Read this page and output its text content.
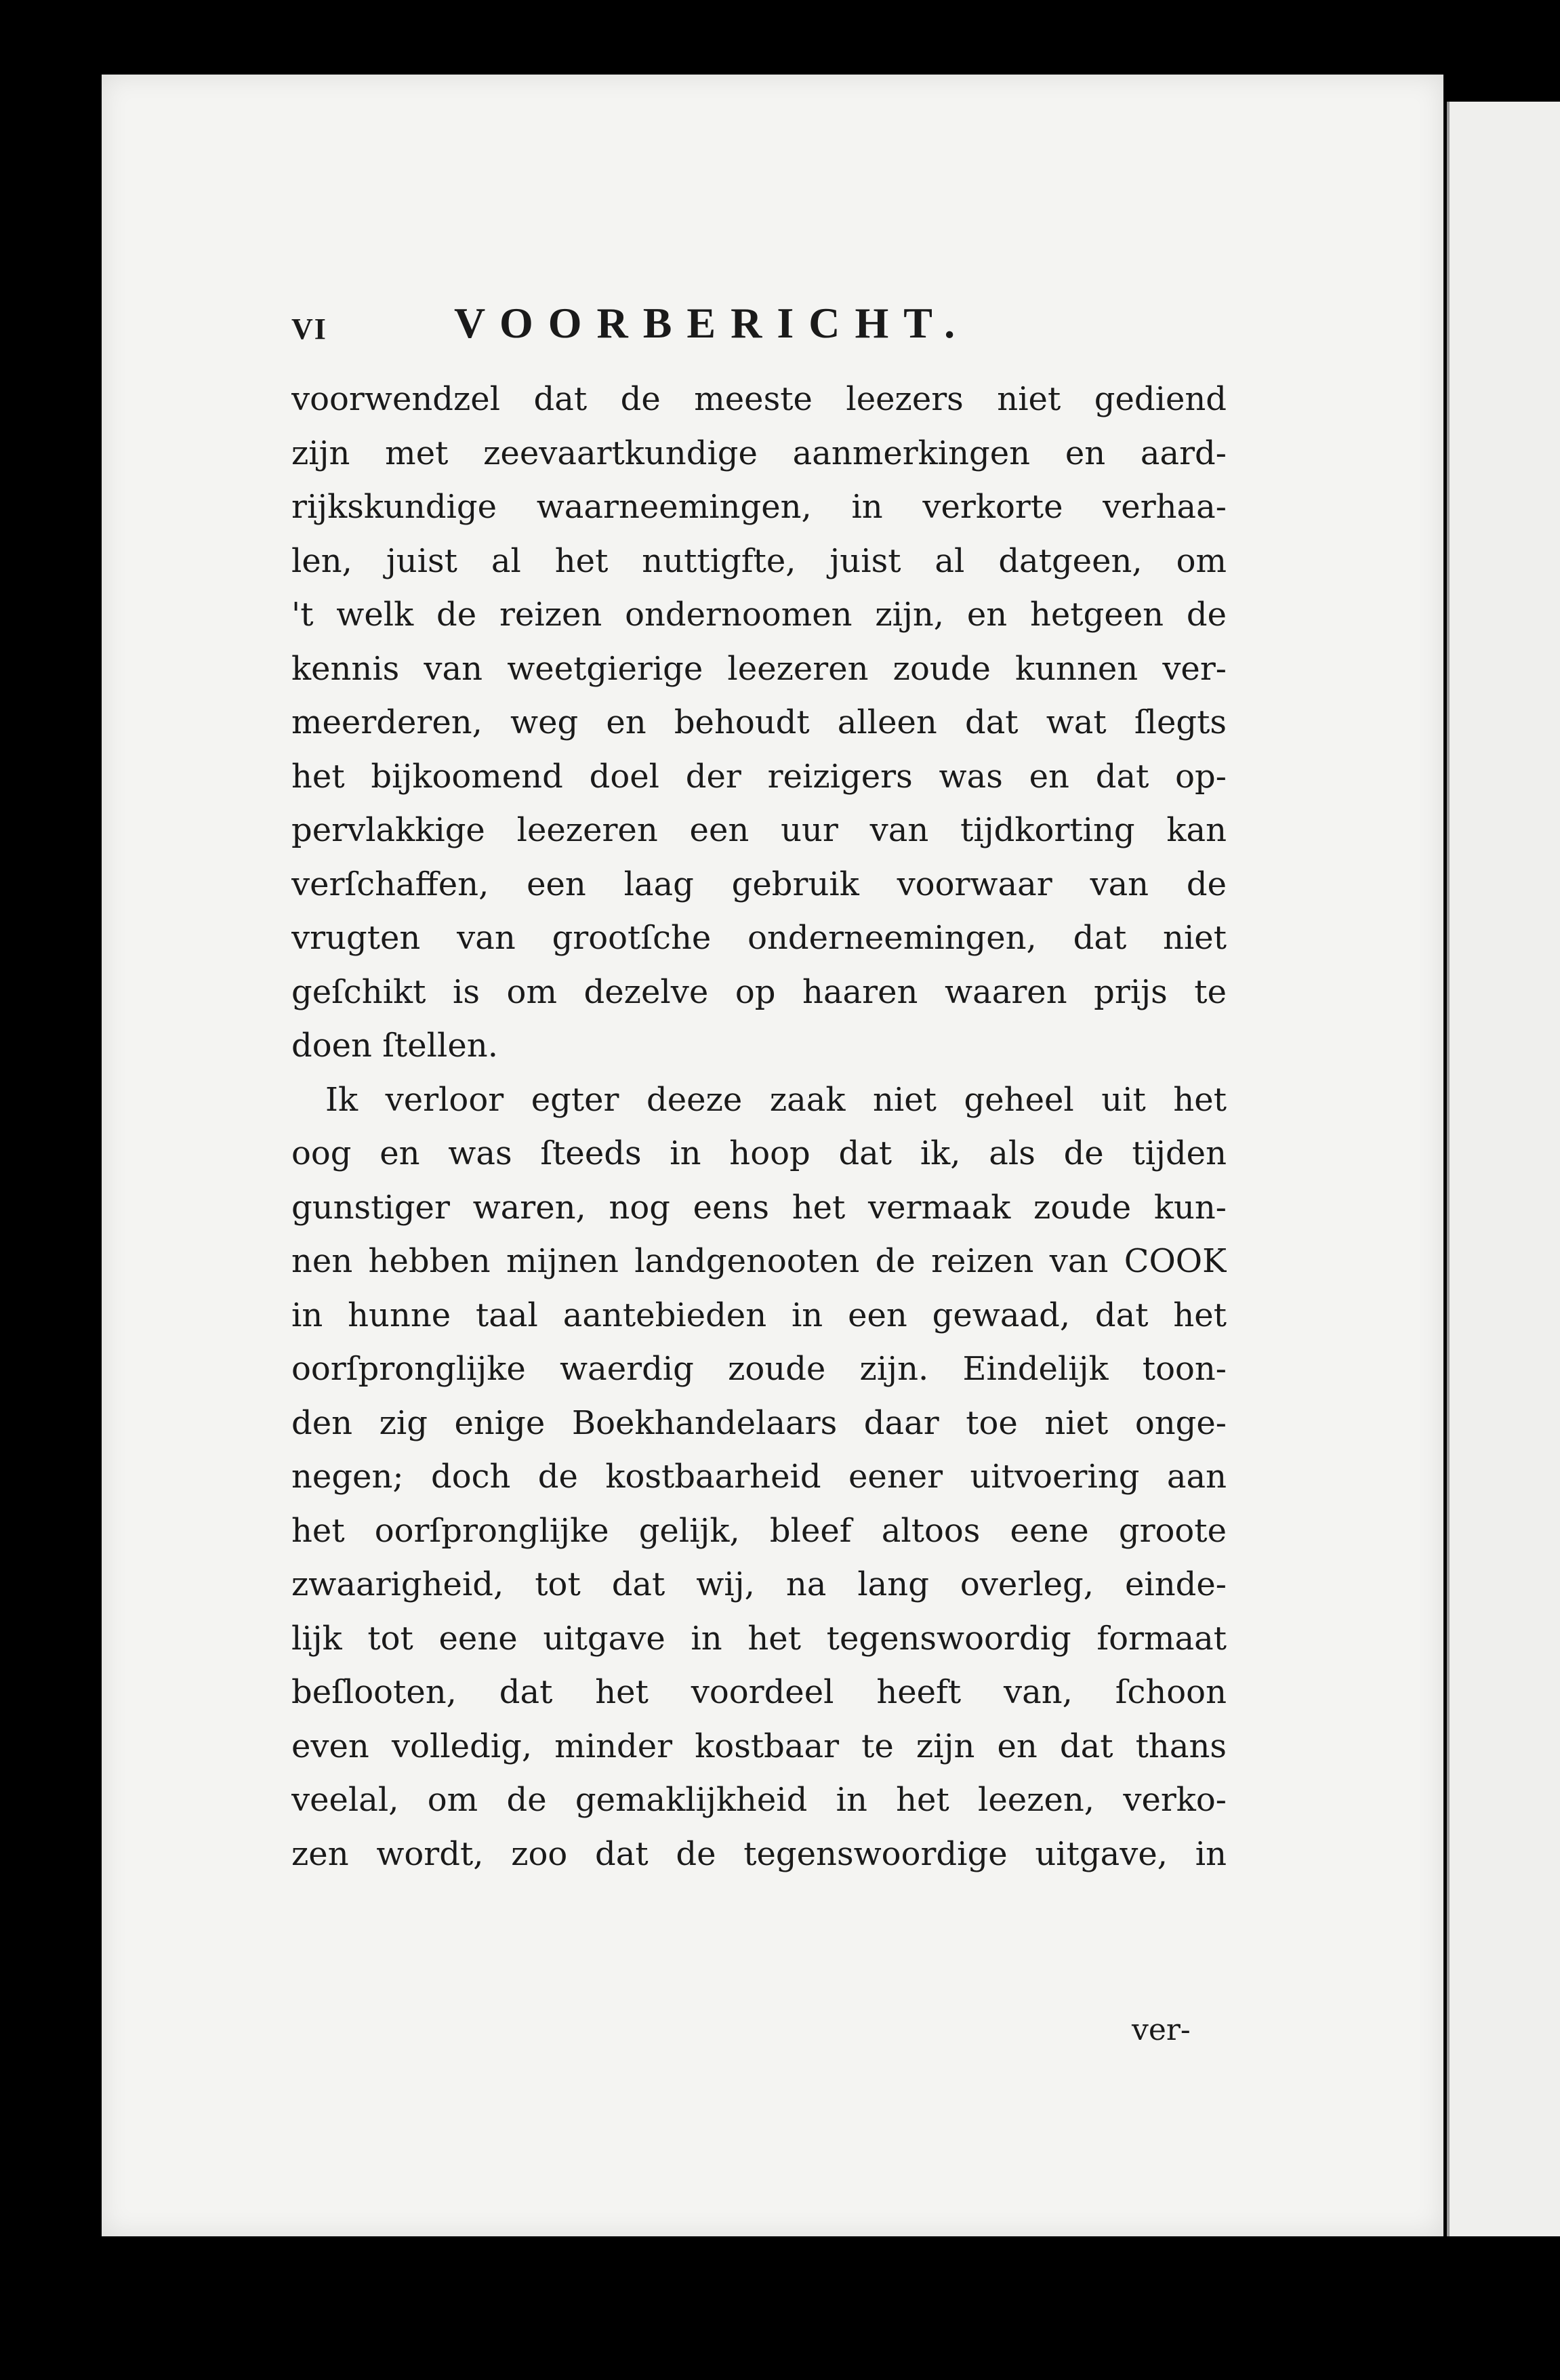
VI	VOORBERICHT.
voorwendzel dat de meeste leezers niet gediend
zijn met zeevaartkundige aanmerkingen en aard-
rijkskundige waarneemingen, in verkorte verhaa-
len, juist al het nuttigfte, juist al datgeen, om
't welk de reizen ondernoomen zijn, en hetgeen de
kennis van weetgierige leezeren zoude kunnen ver-
meerderen, weg en behoudt alleen dat wat ſlegts
het bijkoomend doel der reizigers was en dat op-
pervlakkige leezeren een uur van tijdkorting kan
verſchaffen, een laag gebruik voorwaar van de
vrugten van grootſche onderneemingen, dat niet
geſchikt is om dezelve op haaren waaren prijs te
doen ſtellen.
Ik verloor egter deeze zaak niet geheel uit het
oog en was ſteeds in hoop dat ik, als de tijden
gunstiger waren, nog eens het vermaak zoude kun-
nen hebben mijnen landgenooten de reizen van COOK
in hunne taal aantebieden in een gewaad, dat het
oorſpronglijke waerdig zoude zijn. Eindelijk toon-
den zig enige Boekhandelaars daar toe niet onge-
negen; doch de kostbaarheid eener uitvoering aan
het oorſpronglijke gelijk, bleef altoos eene groote
zwaarigheid, tot dat wij, na lang overleg, einde-
lijk tot eene uitgave in het tegenswoordig formaat
beſlooten, dat het voordeel heeft van, ſchoon
even volledig, minder kostbaar te zijn en dat thans
veelal, om de gemaklijkheid in het leezen, verko-
zen wordt, zoo dat de tegenswoordige uitgave, in
ver-
